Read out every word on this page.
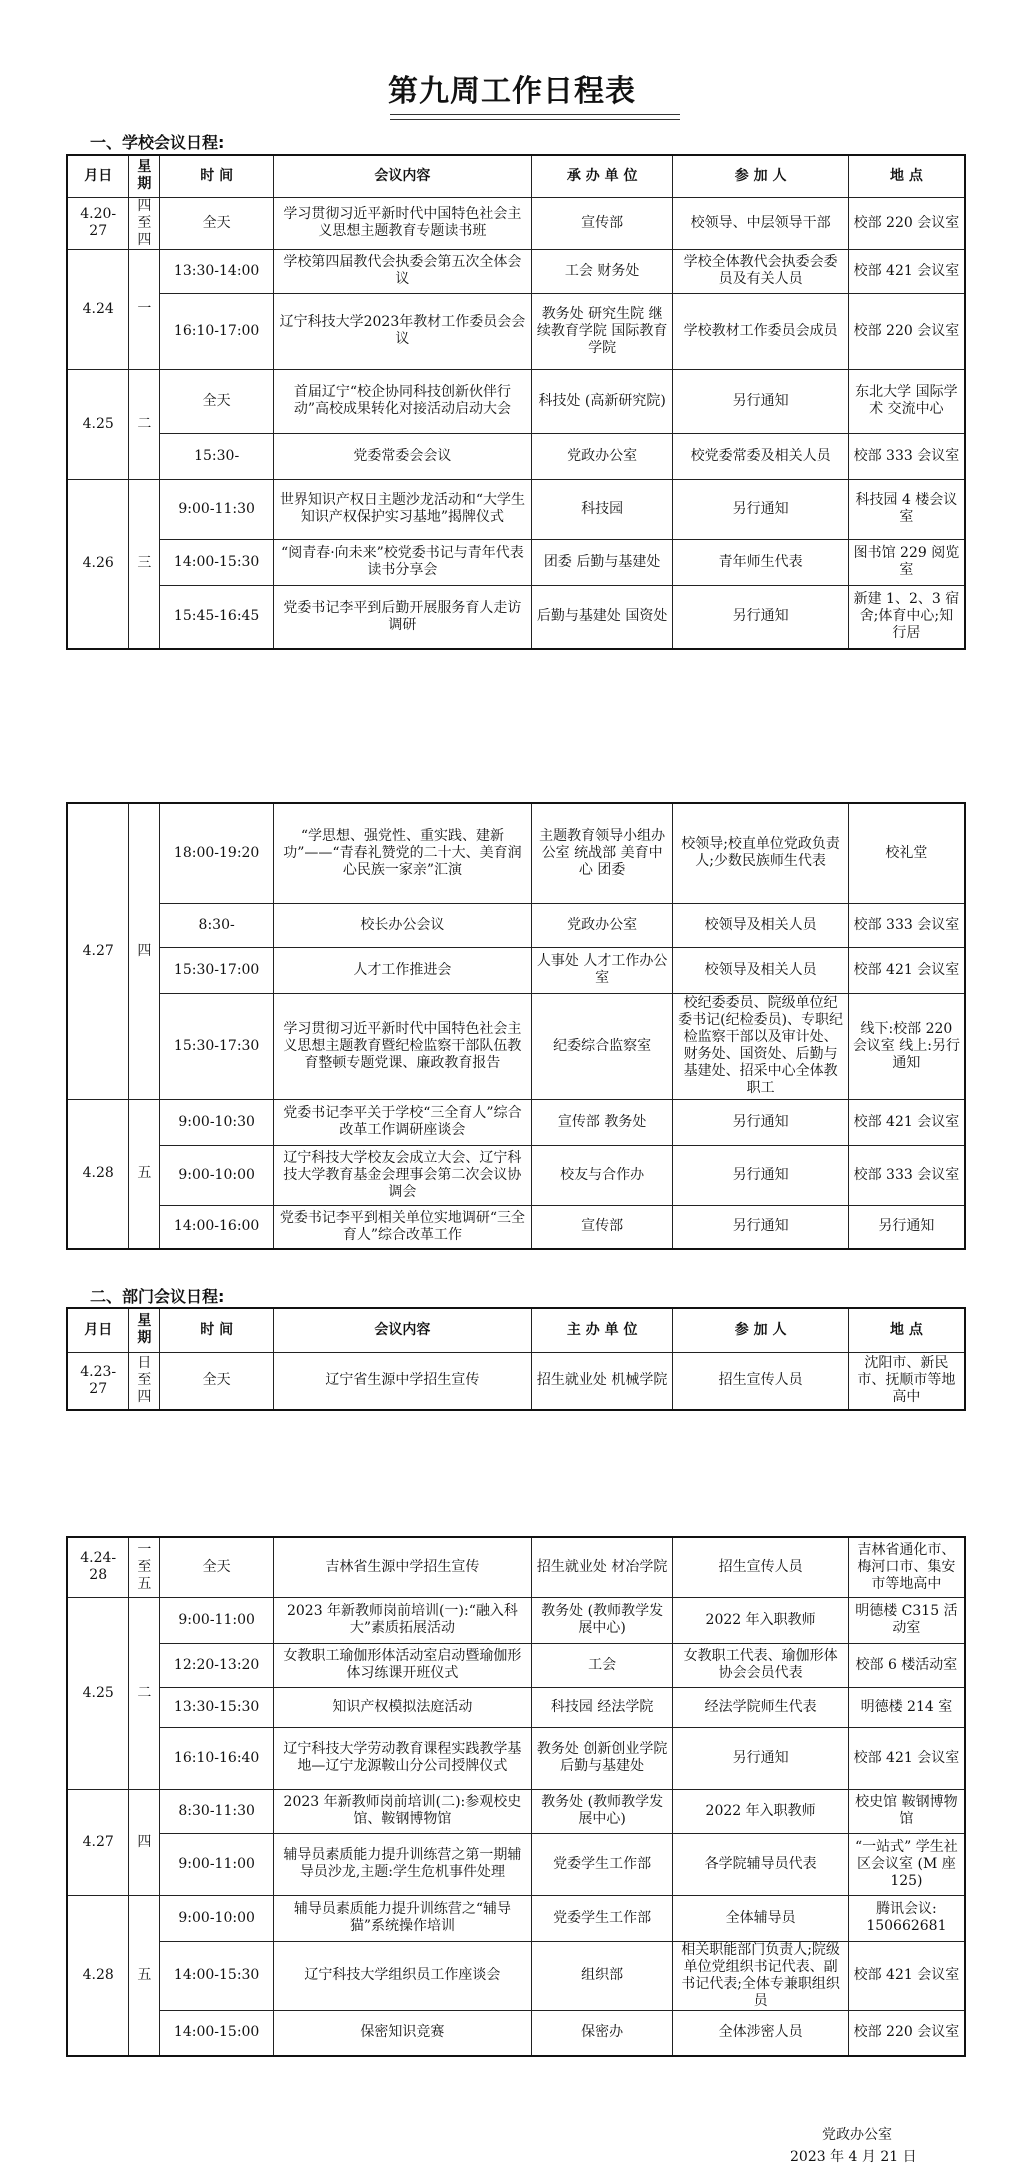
第九周工作日程表
一、学校会议日程:
月日	星期	时 间	会议内容	承 办 单 位	参 加 人	地 点
4.20-27	四至四	全天	学习贯彻习近平新时代中国特色社会主义思想主题教育专题读书班	宣传部	校领导、中层领导干部	校部 220 会议室
4.24	一	13:30-14:00	学校第四届教代会执委会第五次全体会议	工会 财务处	学校全体教代会执委会委员及有关人员	校部 421 会议室
		16:10-17:00	辽宁科技大学2023年教材工作委员会会议	教务处 研究生院 继续教育学院 国际教育学院	学校教材工作委员会成员	校部 220 会议室
4.25	二	全天	首届辽宁“校企协同科技创新伙伴行动”高校成果转化对接活动启动大会	科技处 (高新研究院)	另行通知	东北大学 国际学术 交流中心
		15:30-	党委常委会会议	党政办公室	校党委常委及相关人员	校部 333 会议室
4.26	三	9:00-11:30	世界知识产权日主题沙龙活动和“大学生知识产权保护实习基地”揭牌仪式	科技园	另行通知	科技园 4 楼会议室
		14:00-15:30	“阅青春·向未来”校党委书记与青年代表读书分享会	团委 后勤与基建处	青年师生代表	图书馆 229 阅览室
		15:45-16:45	党委书记李平到后勤开展服务育人走访调研	后勤与基建处 国资处	另行通知	新建 1、2、3 宿舍;体育中心;知行居
4.27	四	18:00-19:20	“学思想、强党性、重实践、建新功”——“青春礼赞党的二十大、美育润心民族一家亲”汇演	主题教育领导小组办公室 统战部 美育中心 团委	校领导;校直单位党政负责人;少数民族师生代表	校礼堂
		8:30-	校长办公会议	党政办公室	校领导及相关人员	校部 333 会议室
		15:30-17:00	人才工作推进会	人事处 人才工作办公室	校领导及相关人员	校部 421 会议室
		15:30-17:30	学习贯彻习近平新时代中国特色社会主义思想主题教育暨纪检监察干部队伍教育整顿专题党课、廉政教育报告	纪委综合监察室	校纪委委员、院级单位纪委书记(纪检委员)、专职纪检监察干部以及审计处、财务处、国资处、后勤与基建处、招采中心全体教职工	线下:校部 220 会议室 线上:另行通知
4.28	五	9:00-10:30	党委书记李平关于学校“三全育人”综合改革工作调研座谈会	宣传部 教务处	另行通知	校部 421 会议室
		9:00-10:00	辽宁科技大学校友会成立大会、辽宁科技大学教育基金会理事会第二次会议协调会	校友与合作办	另行通知	校部 333 会议室
		14:00-16:00	党委书记李平到相关单位实地调研“三全育人”综合改革工作	宣传部	另行通知	另行通知
二、部门会议日程:
月日	星期	时 间	会议内容	主 办 单 位	参 加 人	地 点
4.23-27	日至四	全天	辽宁省生源中学招生宣传	招生就业处 机械学院	招生宣传人员	沈阳市、新民市、抚顺市等地高中
4.24-28	一至五	全天	吉林省生源中学招生宣传	招生就业处 材冶学院	招生宣传人员	吉林省通化市、梅河口市、集安市等地高中
4.25	二	9:00-11:00	2023 年新教师岗前培训(一):“融入科大”素质拓展活动	教务处 (教师教学发展中心)	2022 年入职教师	明德楼 C315 活动室
		12:20-13:20	女教职工瑜伽形体活动室启动暨瑜伽形体习练课开班仪式	工会	女教职工代表、瑜伽形体协会会员代表	校部 6 楼活动室
		13:30-15:30	知识产权模拟法庭活动	科技园 经法学院	经法学院师生代表	明德楼 214 室
		16:10-16:40	辽宁科技大学劳动教育课程实践教学基地—辽宁龙源鞍山分公司授牌仪式	教务处 创新创业学院 后勤与基建处	另行通知	校部 421 会议室
4.27	四	8:30-11:30	2023 年新教师岗前培训(二):参观校史馆、鞍钢博物馆	教务处 (教师教学发展中心)	2022 年入职教师	校史馆 鞍钢博物馆
		9:00-11:00	辅导员素质能力提升训练营之第一期辅导员沙龙,主题:学生危机事件处理	党委学生工作部	各学院辅导员代表	“一站式” 学生社区会议室 (M 座 125)
4.28	五	9:00-10:00	辅导员素质能力提升训练营之“辅导猫”系统操作培训	党委学生工作部	全体辅导员	腾讯会议: 150662681
		14:00-15:30	辽宁科技大学组织员工作座谈会	组织部	相关职能部门负责人;院级单位党组织书记代表、副书记代表;全体专兼职组织员	校部 421 会议室
		14:00-15:00	保密知识竞赛	保密办	全体涉密人员	校部 220 会议室
党政办公室
2023 年 4 月 21 日
